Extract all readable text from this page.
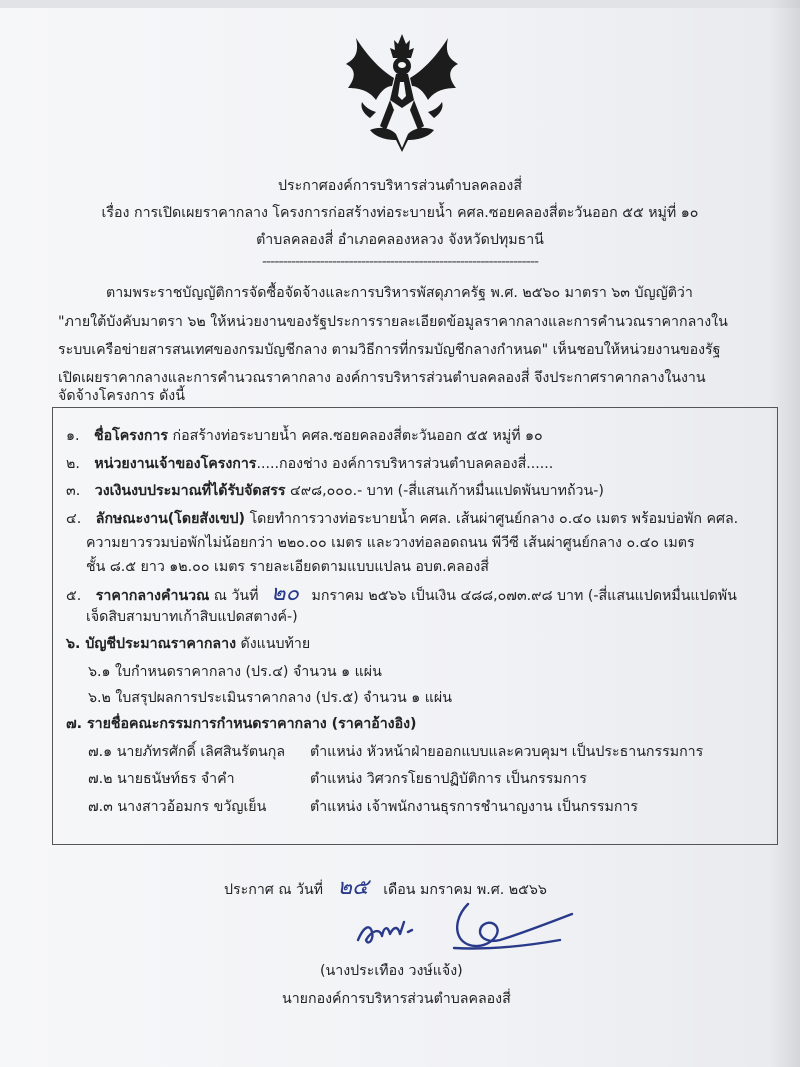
ประกาศองค์การบริหารส่วนตำบลคลองสี่
เรื่อง การเปิดเผยราคากลาง โครงการก่อสร้างท่อระบายน้ำ คศล.ซอยคลองสี่ตะวันออก ๕๕ หมู่ที่ ๑๐
ตำบลคลองสี่ อำเภอคลองหลวง จังหวัดปทุมธานี
-------------------------------------------------------------------
ตามพระราชบัญญัติการจัดซื้อจัดจ้างและการบริหารพัสดุภาครัฐ พ.ศ. ๒๕๖๐ มาตรา ๖๓ บัญญัติว่า
"ภายใต้บังคับมาตรา ๖๒ ให้หน่วยงานของรัฐประการรายละเอียดข้อมูลราคากลางและการคำนวณราคากลางใน
ระบบเครือข่ายสารสนเทศของกรมบัญชีกลาง ตามวิธีการที่กรมบัญชีกลางกำหนด" เห็นชอบให้หน่วยงานของรัฐ
เปิดเผยราคากลางและการคำนวณราคากลาง องค์การบริหารส่วนตำบลคลองสี่ จึงประกาศราคากลางในงาน
จัดจ้างโครงการ ดังนี้
๑. ชื่อโครงการ ก่อสร้างท่อระบายน้ำ คศล.ซอยคลองสี่ตะวันออก ๕๕ หมู่ที่ ๑๐
๒. หน่วยงานเจ้าของโครงการ.....กองช่าง องค์การบริหารส่วนตำบลคลองสี่......
๓. วงเงินงบประมาณที่ได้รับจัดสรร ๔๙๘,๐๐๐.- บาท (-สี่แสนเก้าหมื่นแปดพันบาทถ้วน-)
๔. ลักษณะงาน(โดยสังเขป) โดยทำการวางท่อระบายน้ำ คศล. เส้นผ่าศูนย์กลาง ๐.๔๐ เมตร พร้อมบ่อพัก คศล.
ความยาวรวมบ่อพักไม่น้อยกว่า ๒๒๐.๐๐ เมตร และวางท่อลอดถนน พีวีซี เส้นผ่าศูนย์กลาง ๐.๔๐ เมตร
ชั้น ๘.๕ ยาว ๑๒.๐๐ เมตร รายละเอียดตามแบบแปลน อบต.คลองสี่
๕. ราคากลางคำนวณ ณ วันที่ ๒๐ มกราคม ๒๕๖๖ เป็นเงิน ๔๘๘,๐๗๓.๙๘ บาท (-สี่แสนแปดหมื่นแปดพัน
เจ็ดสิบสามบาทเก้าสิบแปดสตางค์-)
๖. บัญชีประมาณราคากลาง ดังแนบท้าย
๖.๑ ใบกำหนดราคากลาง (ปร.๔) จำนวน ๑ แผ่น
๖.๒ ใบสรุปผลการประเมินราคากลาง (ปร.๕) จำนวน ๑ แผ่น
๗. รายชื่อคณะกรรมการกำหนดราคากลาง (ราคาอ้างอิง)
๗.๑ นายภัทรศักดิ์ เลิศสินรัตนกุล ตำแหน่ง หัวหน้าฝ่ายออกแบบและควบคุมฯ เป็นประธานกรรมการ
๗.๒ นายธนัษท์ธร จำคำ	ตำแหน่ง วิศวกรโยธาปฏิบัติการ เป็นกรรมการ
๗.๓ นางสาวอ้อมกร ขวัญเย็น	ตำแหน่ง เจ้าพนักงานธุรการชำนาญงาน เป็นกรรมการ
ประกาศ ณ วันที่ ๒๕ เดือน มกราคม พ.ศ. ๒๕๖๖
(นางประเทือง วงษ์แจ้ง)
นายกองค์การบริหารส่วนตำบลคลองสี่
